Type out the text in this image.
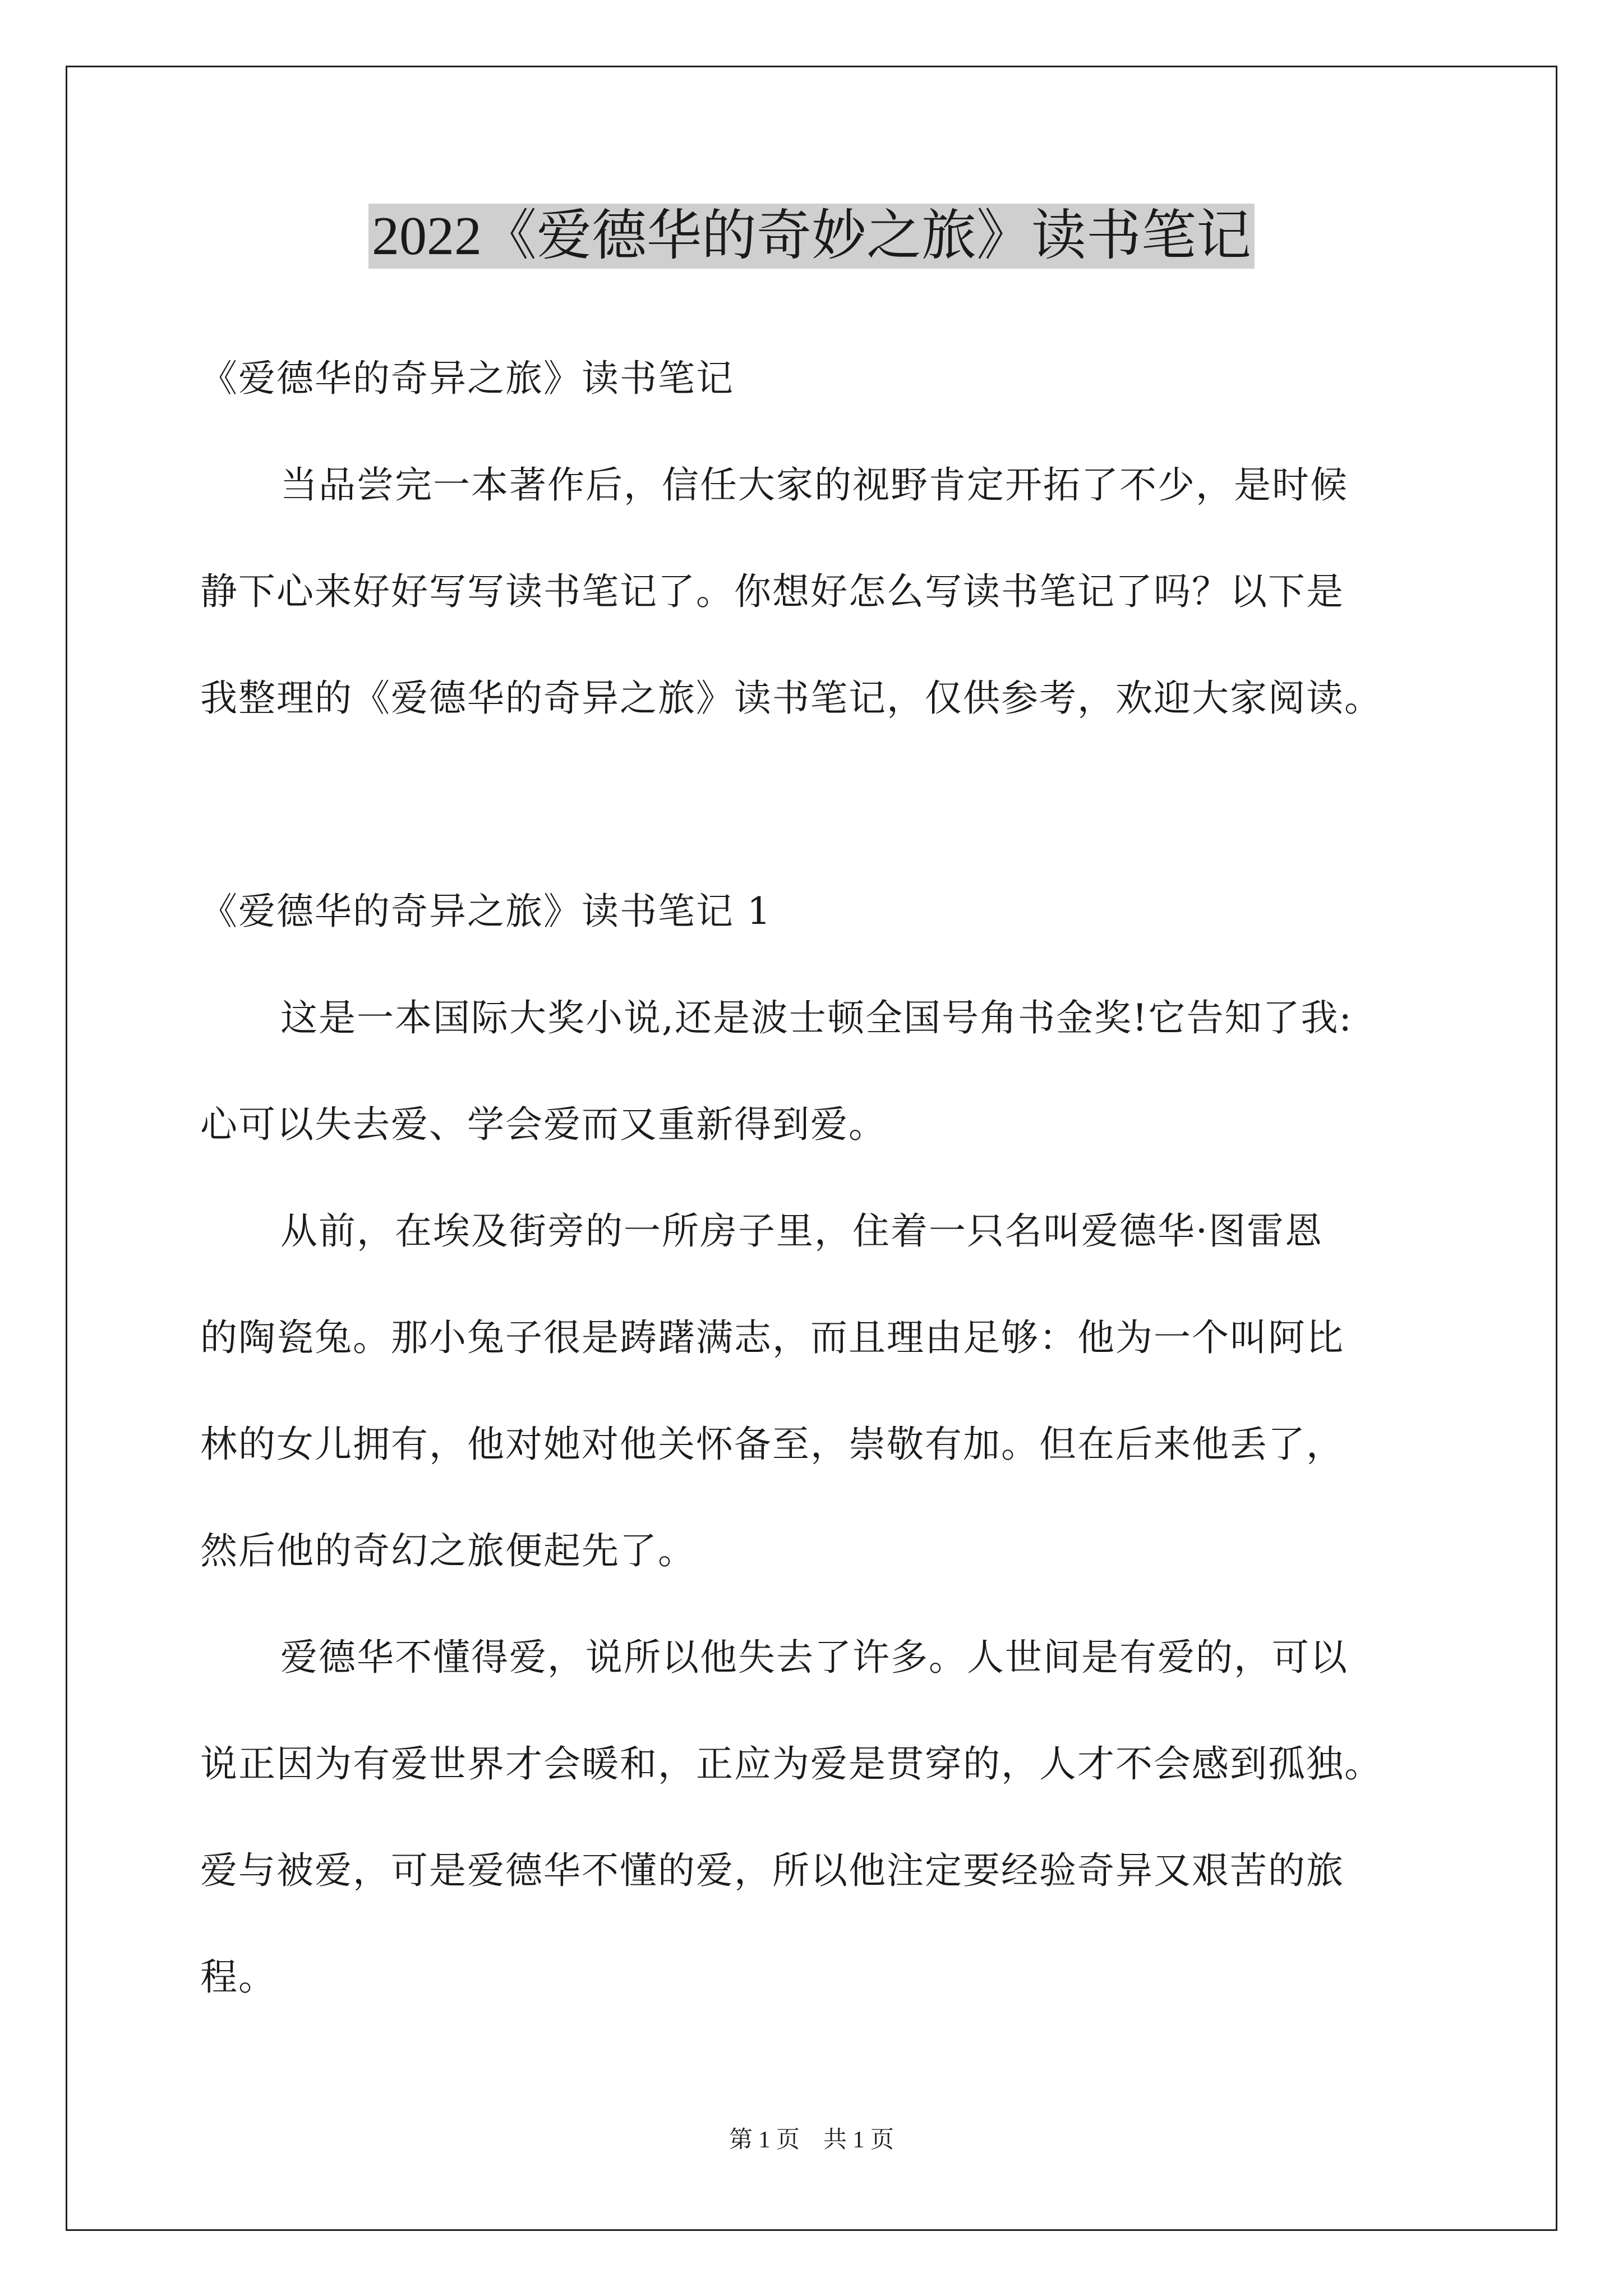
2022《爱德华的奇妙之旅》读书笔记
《爱德华的奇异之旅》读书笔记
当品尝完一本著作后，信任大家的视野肯定开拓了不少，是时候
静下心来好好写写读书笔记了。你想好怎么写读书笔记了吗？以下是
我整理的《爱德华的奇异之旅》读书笔记，仅供参考，欢迎大家阅读。
《爱德华的奇异之旅》读书笔记 1
这是一本国际大奖小说,还是波士顿全国号角书金奖!它告知了我:
心可以失去爱、学会爱而又重新得到爱。
从前，在埃及街旁的一所房子里，住着一只名叫爱德华·图雷恩
的陶瓷兔。那小兔子很是踌躇满志，而且理由足够：他为一个叫阿比
林的女儿拥有，他对她对他关怀备至，崇敬有加。但在后来他丢了，
然后他的奇幻之旅便起先了。
爱德华不懂得爱，说所以他失去了许多。人世间是有爱的，可以
说正因为有爱世界才会暖和，正应为爱是贯穿的，人才不会感到孤独。
爱与被爱，可是爱德华不懂的爱，所以他注定要经验奇异又艰苦的旅
程。
第 1 页　共 1 页
